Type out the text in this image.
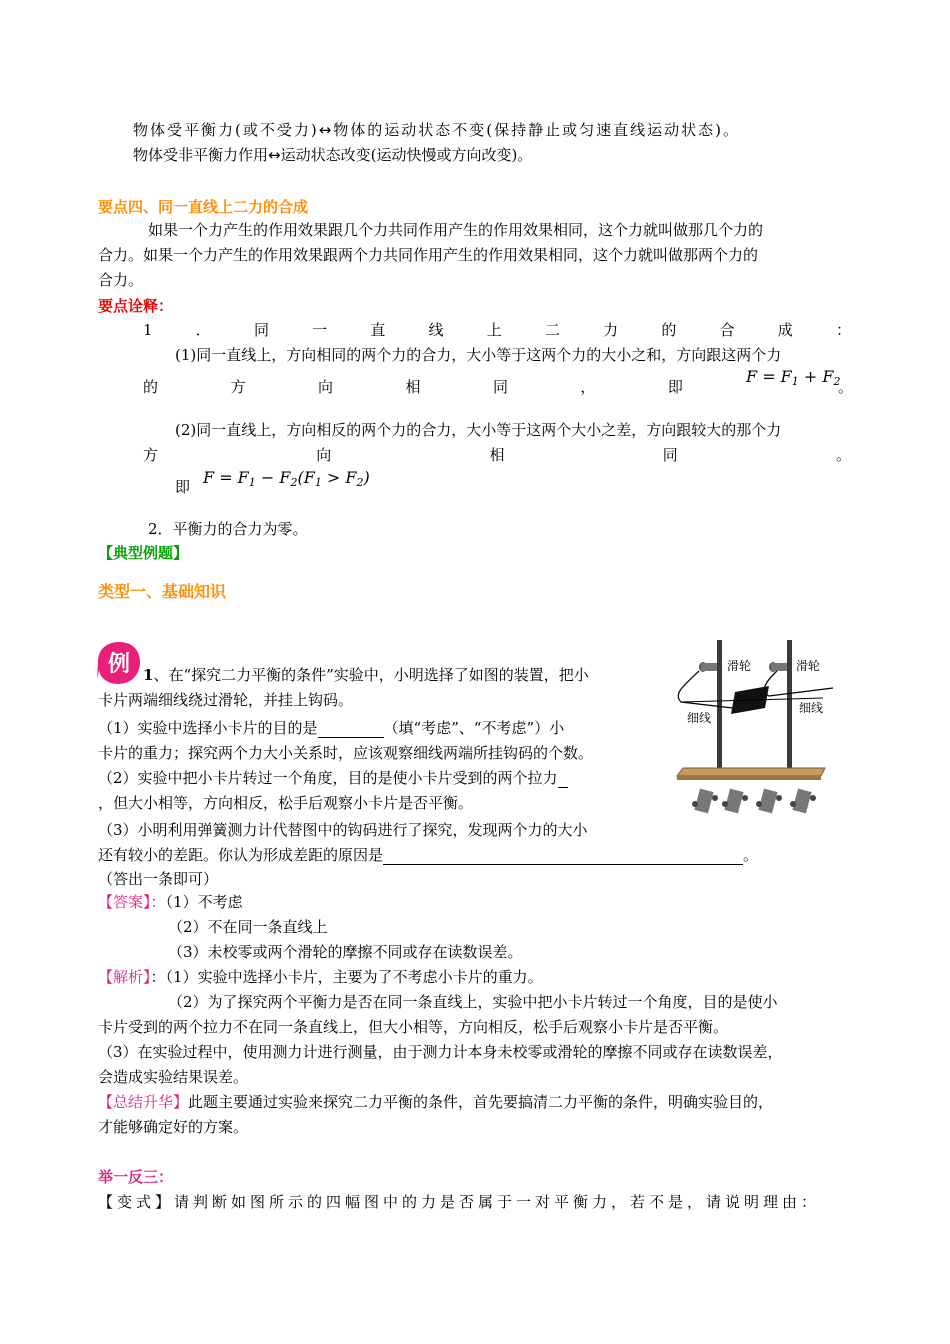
物体受平衡力(或不受力)↔物体的运动状态不变(保持静止或匀速直线运动状态)。
物体受非平衡力作用↔运动状态改变(运动快慢或方向改变)。
要点四、同一直线上二力的合成
如果一个力产生的作用效果跟几个力共同作用产生的作用效果相同，这个力就叫做那几个力的
合力。如果一个力产生的作用效果跟两个力共同作用产生的作用效果相同，这个力就叫做那两个力的
合力。
要点诠释：
1	．	同	一	直	线	上	二	力	的	合	成	：
(1)同一直线上，方向相同的两个力的合力，大小等于这两个力的大小之和，方向跟这两个力
的	方	向	相	同	，	即
$F = F_1 + F_2$
。
(2)同一直线上，方向相反的两个力的合力，大小等于这两个大小之差，方向跟较大的那个力
方	向	相	同	。
即 $F = F_1 - F_2(F_1 > F_2)$
2．平衡力的合力为零。
【典型例题】
类型一、基础知识
例 1、在“探究二力平衡的条件”实验中，小明选择了如图的装置，把小
卡片两端细线绕过滑轮，并挂上钩码。
（1）实验中选择小卡片的目的是	（填“考虑”、“不考虑”）小
卡片的重力；探究两个力大小关系时，应该观察细线两端所挂钩码的个数。
（2）实验中把小卡片转过一个角度，目的是使小卡片受到的两个拉力
，但大小相等，方向相反，松手后观察小卡片是否平衡。
（3）小明利用弹簧测力计代替图中的钩码进行了探究，发现两个力的大小
还有较小的差距。你认为形成差距的原因是	。
（答出一条即可）
滑轮	滑轮
细线
细线
【答案】：（1）不考虑
（2）不在同一条直线上
（3）未校零或两个滑轮的摩擦不同或存在读数误差。
【解析】：（1）实验中选择小卡片，主要为了不考虑小卡片的重力。
（2）为了探究两个平衡力是否在同一条直线上，实验中把小卡片转过一个角度，目的是使小
卡片受到的两个拉力不在同一条直线上，但大小相等，方向相反，松手后观察小卡片是否平衡。
（3）在实验过程中，使用测力计进行测量，由于测力计本身未校零或滑轮的摩擦不同或存在读数误差，
会造成实验结果误差。
【总结升华】此题主要通过实验来探究二力平衡的条件，首先要搞清二力平衡的条件，明确实验目的，
才能够确定好的方案。
举一反三：
【变式】请判断如图所示的四幅图中的力是否属于一对平衡力，若不是，请说明理由：
